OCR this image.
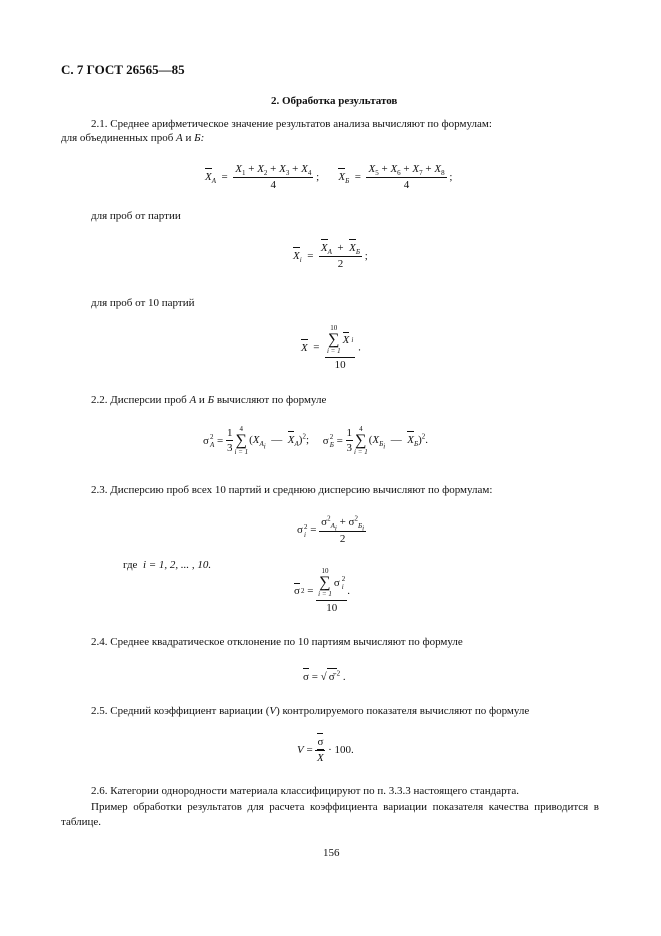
С. 7 ГОСТ 26565—85
2. Обработка результатов
2.1. Среднее арифметическое значение результатов анализа вычисляют по формулам:
для объединенных проб А и Б:
$X_A = \frac{X_1 + X_2 + X_3 + X_4}{4}$ ;       $X_Б = \frac{X_5 + X_6 + X_7 + X_8}{4}$ ;
для проб от партии
$X_i = \frac{X_A + X_Б}{2}$ ;
для проб от 10 партий
X  = 10
∑
i = 1
X i
10 .
2.2. Дисперсии проб А и Б вычисляют по формуле
σ 2
$A = \frac{1}{3} 4$
∑
i = 1
($X_{A_i}$  —  $X_A)^2$;
σ 2
$Б = \frac{1}{3} 4$
∑
i = 1
($X_{Б_i}$  —  $X_Б)^2$.
2.3. Дисперсию проб всех 10 партий и среднюю дисперсию вычисляют по формулам:
σ 2
$i = \frac{\sigma^2_{A_i} + \sigma^2_{Б_i}}{2}$
где i = 1, 2, ... , 10.
σ 2 = 10
∑
i = 1
σ 2
i
10 .
2.4. Среднее квадратическое отклонение по 10 партиям вычисляют по формуле
σ = √ σ̄ $^2$ .
2.5. Средний коэффициент вариации (V) контролируемого показателя вычисляют по формуле
$V = \frac{\sigma}{X}$
· 100.
2.6. Категории однородности материала классифицируют по п. 3.3.3 настоящего стандарта.
Пример обработки результатов для расчета коэффициента вариации показателя качества приводится в таблице.
156
